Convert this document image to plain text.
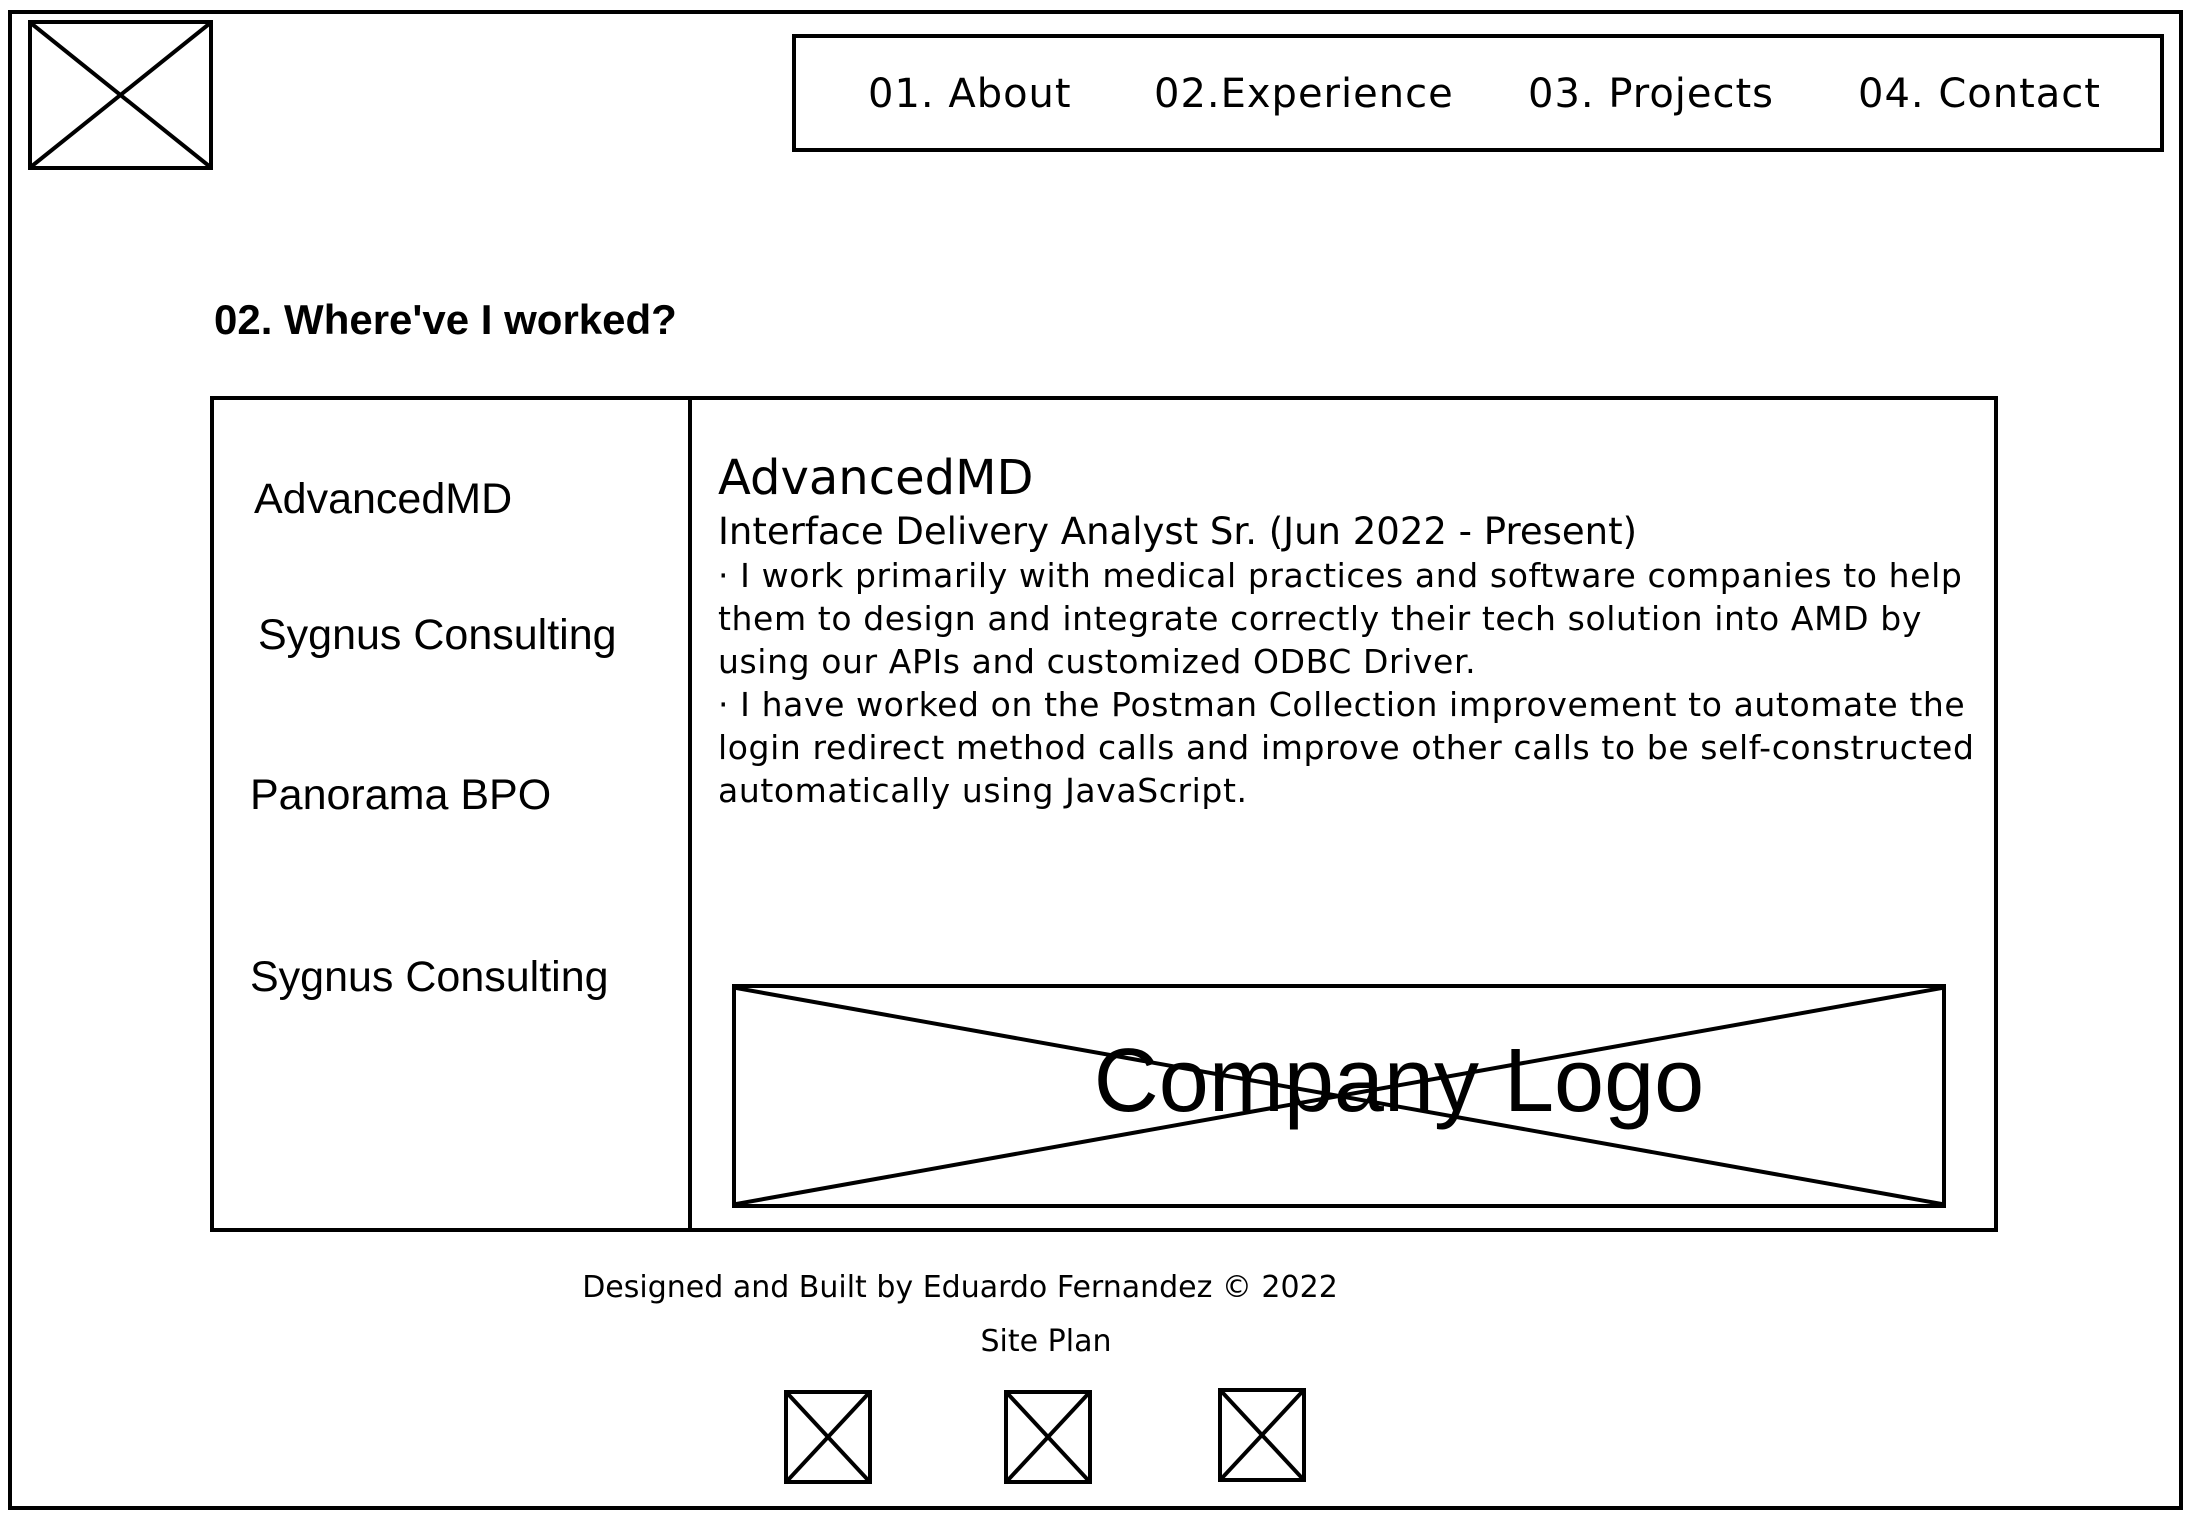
01. About 02.Experience 03. Projects 04. Contact
02. Where've I worked?
AdvancedMD
Sygnus Consulting
Panorama BPO
Sygnus Consulting
AdvancedMD
Interface Delivery Analyst Sr. (Jun 2022 - Present)
· I work primarily with medical practices and software companies to help them to design and integrate correctly their tech solution into AMD by using our APIs and customized ODBC Driver.
· I have worked on the Postman Collection improvement to automate the login redirect method calls and improve other calls to be self-constructed automatically using JavaScript.
Company Logo
Designed and Built by Eduardo Fernandez © 2022
Site Plan
